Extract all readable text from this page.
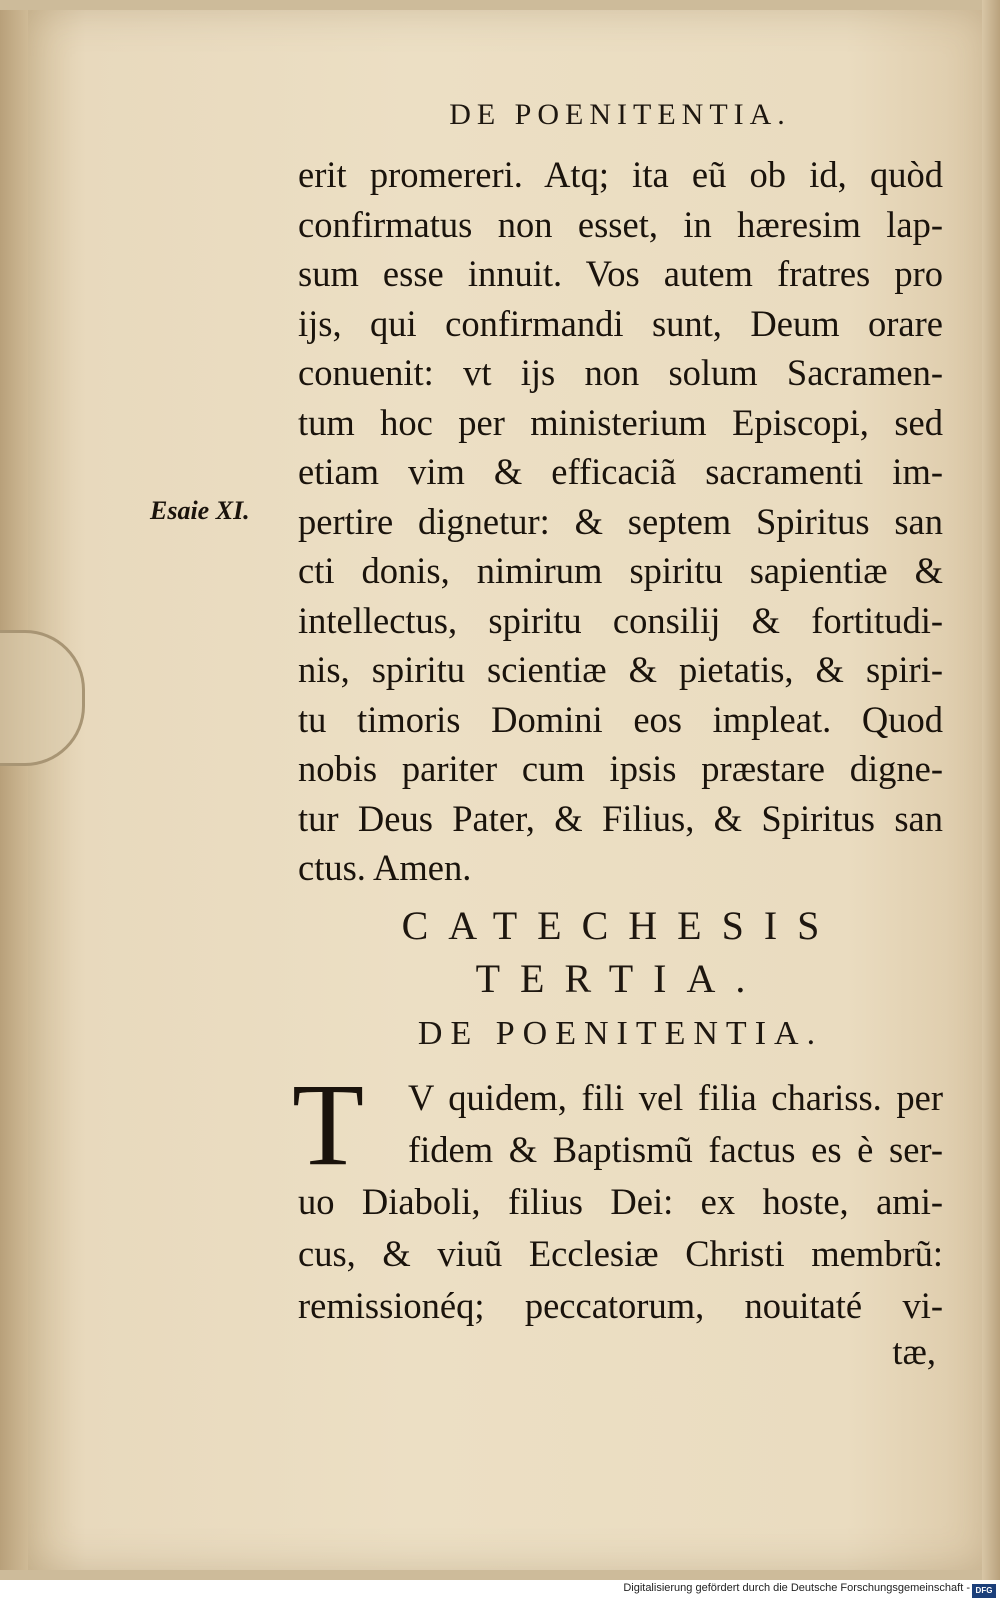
DE POENITENTIA.
Esaie XI.
erit promereri. Atq; ita eũ ob id, quòd
confirmatus non esset, in hæresim lap-
sum esse innuit. Vos autem fratres pro
ijs, qui confirmandi sunt, Deum orare
conuenit: vt ijs non solum Sacramen-
tum hoc per ministerium Episcopi, sed
etiam vim & efficaciã sacramenti im-
pertire dignetur: & septem Spiritus san
cti donis, nimirum spiritu sapientiæ &
intellectus, spiritu consilij & fortitudi-
nis, spiritu scientiæ & pietatis, & spiri-
tu timoris Domini eos impleat. Quod
nobis pariter cum ipsis præstare digne-
tur Deus Pater, & Filius, & Spiritus san
ctus. Amen.
CATECHESIS
TERTIA.
DE POENITENTIA.
T	V quidem, fili vel filia chariss. per
fidem & Baptismũ factus es è ser-
uo Diaboli, filius Dei: ex hoste, ami-
cus, & viuũ Ecclesiæ Christi membrũ:
remissionéq; peccatorum, nouitaté vi-
tæ,
Digitalisierung gefördert durch die Deutsche Forschungsgemeinschaft - DFG
